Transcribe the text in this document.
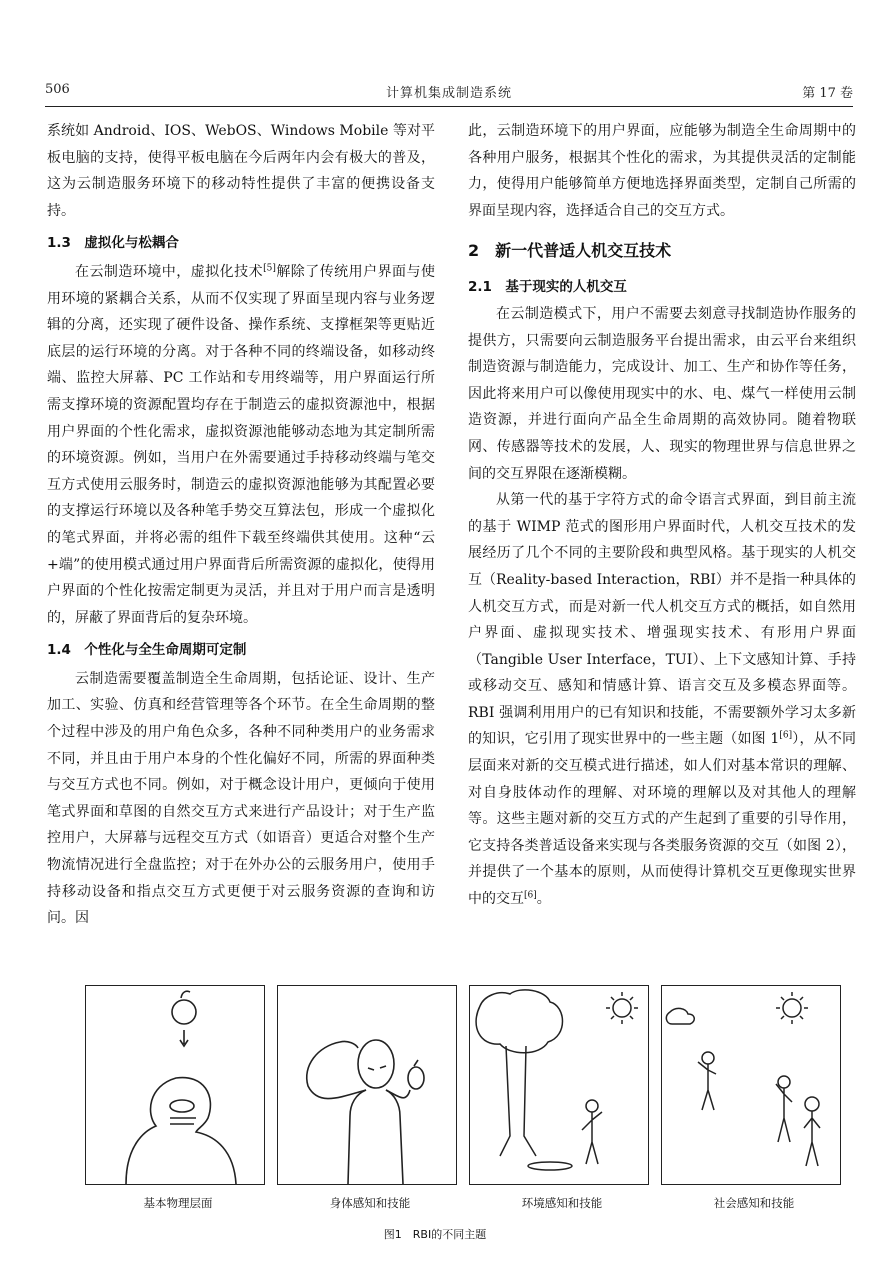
506	计算机集成制造系统	第 17 卷

系统如 Android、IOS、WebOS、Windows Mobile 等对平板电脑的支持，使得平板电脑在今后两年内会有极大的普及，这为云制造服务环境下的移动特性提供了丰富的便携设备支持。

1.3　虚拟化与松耦合

在云制造环境中，虚拟化技术[5]解除了传统用户界面与使用环境的紧耦合关系，从而不仅实现了界面呈现内容与业务逻辑的分离，还实现了硬件设备、操作系统、支撑框架等更贴近底层的运行环境的分离。对于各种不同的终端设备，如移动终端、监控大屏幕、PC 工作站和专用终端等，用户界面运行所需支撑环境的资源配置均存在于制造云的虚拟资源池中，根据用户界面的个性化需求，虚拟资源池能够动态地为其定制所需的环境资源。例如，当用户在外需要通过手持移动终端与笔交互方式使用云服务时，制造云的虚拟资源池能够为其配置必要的支撑运行环境以及各种笔手势交互算法包，形成一个虚拟化的笔式界面，并将必需的组件下载至终端供其使用。这种“云+端”的使用模式通过用户界面背后所需资源的虚拟化，使得用户界面的个性化按需定制更为灵活，并且对于用户而言是透明的，屏蔽了界面背后的复杂环境。

1.4　个性化与全生命周期可定制

云制造需要覆盖制造全生命周期，包括论证、设计、生产加工、实验、仿真和经营管理等各个环节。在全生命周期的整个过程中涉及的用户角色众多，各种不同种类用户的业务需求不同，并且由于用户本身的个性化偏好不同，所需的界面种类与交互方式也不同。例如，对于概念设计用户，更倾向于使用笔式界面和草图的自然交互方式来进行产品设计；对于生产监控用户，大屏幕与远程交互方式（如语音）更适合对整个生产物流情况进行全盘监控；对于在外办公的云服务用户，使用手持移动设备和指点交互方式更便于对云服务资源的查询和访问。因

此，云制造环境下的用户界面，应能够为制造全生命周期中的各种用户服务，根据其个性化的需求，为其提供灵活的定制能力，使得用户能够简单方便地选择界面类型，定制自己所需的界面呈现内容，选择适合自己的交互方式。

2　新一代普适人机交互技术
2.1　基于现实的人机交互

在云制造模式下，用户不需要去刻意寻找制造协作服务的提供方，只需要向云制造服务平台提出需求，由云平台来组织制造资源与制造能力，完成设计、加工、生产和协作等任务，因此将来用户可以像使用现实中的水、电、煤气一样使用云制造资源，并进行面向产品全生命周期的高效协同。随着物联网、传感器等技术的发展，人、现实的物理世界与信息世界之间的交互界限在逐渐模糊。

从第一代的基于字符方式的命令语言式界面，到目前主流的基于 WIMP 范式的图形用户界面时代，人机交互技术的发展经历了几个不同的主要阶段和典型风格。基于现实的人机交互（Reality-based Interaction，RBI）并不是指一种具体的人机交互方式，而是对新一代人机交互方式的概括，如自然用户界面、虚拟现实技术、增强现实技术、有形用户界面（Tangible User Interface，TUI）、上下文感知计算、手持或移动交互、感知和情感计算、语言交互及多模态界面等。RBI 强调利用用户的已有知识和技能，不需要额外学习太多新的知识，它引用了现实世界中的一些主题（如图 1[6]），从不同层面来对新的交互模式进行描述，如人们对基本常识的理解、对自身肢体动作的理解、对环境的理解以及对其他人的理解等。这些主题对新的交互方式的产生起到了重要的引导作用，它支持各类普适设备来实现与各类服务资源的交互（如图 2），并提供了一个基本的原则，从而使得计算机交互更像现实世界中的交互[6]。

基本物理层面	身体感知和技能	环境感知和技能	社会感知和技能
图1　RBI的不同主题
